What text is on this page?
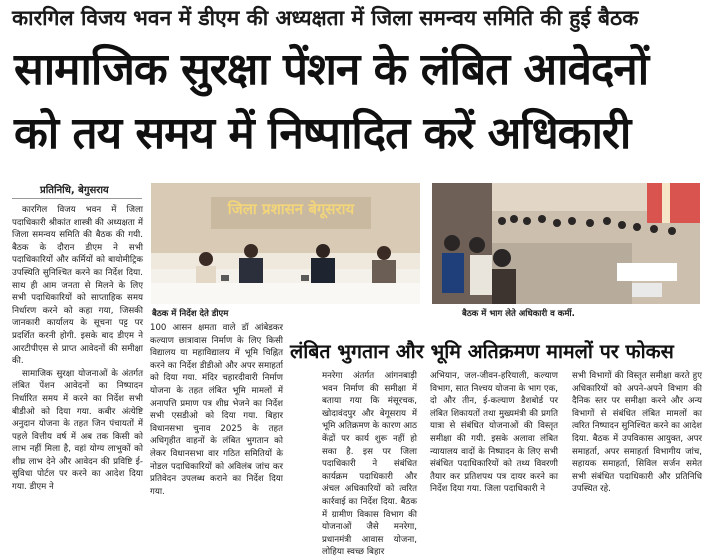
कारगिल विजय भवन में डीएम की अध्यक्षता में जिला समन्वय समिति की हुई बैठक
सामाजिक सुरक्षा पेंशन के लंबित आवेदनों
को तय समय में निष्पादित करें अधिकारी
प्रतिनिधि, बेगुसराय

कारगिल विजय भवन में जिला पदाधिकारी श्रीकांत शास्त्री की अध्यक्षता में जिला समन्वय समिति की बैठक की गयी. बैठक के दौरान डीएम ने सभी पदाधिकारियों और कर्मियों को बायोमीट्रिक उपस्थिति सुनिश्चित करने का निर्देश दिया. साथ ही आम जनता से मिलने के लिए सभी पदाधिकारियों को साप्ताहिक समय निर्धारण करने को कहा गया, जिसकी जानकारी कार्यालय के सूचना पट्ट पर प्रदर्शित करनी होगी. इसके बाद डीएम ने आरटीपीएस से प्राप्त आवेदनों की समीक्षा की.

सामाजिक सुरक्षा योजनाओं के अंतर्गत लंबित पेंशन आवेदनों का निष्पादन निर्धारित समय में करने का निर्देश सभी बीडीओ को दिया गया. कबीर अंत्येष्टि अनुदान योजना के तहत जिन पंचायतों में पहले वित्तीय वर्ष में अब तक किसी को लाभ नहीं मिला है, वहां योग्य लाभुकों को शीघ्र लाभ देने और आवेदन की प्रविष्टि ई-सुविधा पोर्टल पर करने का आदेश दिया गया. डीएम ने

जिला प्रशासन बेगूसराय
बैठक में निर्देश देते डीएम	बैठक में भाग लेते अधिकारी व कर्मी.

100 आसन क्षमता वाले डॉ आंबेडकर कल्याण छात्रावास निर्माण के लिए किसी विद्यालय या महाविद्यालय में भूमि चिह्नित करने का निर्देश डीडीओ और अपर समाहर्ता को दिया गया. मंदिर चहारदीवारी निर्माण योजना के तहत लंबित भूमि मामलों में अनापत्ति प्रमाण पत्र शीघ्र भेजने का निर्देश सभी एसडीओ को दिया गया. बिहार विधानसभा चुनाव 2025 के तहत अधिगृहीत वाहनों के लंबित भुगतान को लेकर विधानसभा वार गठित समितियों के नोडल पदाधिकारियों को अविलंब जांच कर प्रतिवेदन उपलब्ध कराने का निर्देश दिया गया.

लंबित भुगतान और भूमि अतिक्रमण मामलों पर फोकस

मनरेगा अंतर्गत आंगनबाड़ी भवन निर्माण की समीक्षा में बताया गया कि मंसूरचक, खोदावंदपुर और बेगूसराय में भूमि अतिक्रमण के कारण आठ केंद्रों पर कार्य शुरू नहीं हो सका है. इस पर जिला पदाधिकारी ने संबंधित कार्यक्रम पदाधिकारी और अंचल अधिकारियों को त्वरित कार्रवाई का निर्देश दिया. बैठक में ग्रामीण विकास विभाग की योजनाओं जैसे मनरेगा, प्रधानमंत्री आवास योजना, लोहिया स्वच्छ बिहार

अभियान, जल-जीवन-हरियाली, कल्याण विभाग, सात निश्चय योजना के भाग एक, दो और तीन, ई-कल्याण डैशबोर्ड पर लंबित शिकायतों तथा मुख्यमंत्री की प्रगति यात्रा से संबंधित योजनाओं की विस्तृत समीक्षा की गयी. इसके अलावा लंबित न्यायालय वादों के निष्पादन के लिए सभी संबंधित पदाधिकारियों को तथ्य विवरणी तैयार कर प्रतिशपथ पत्र दायर करने का निर्देश दिया गया. जिला पदाधिकारी ने

सभी विभागों की विस्तृत समीक्षा करते हुए अधिकारियों को अपने-अपने विभाग की दैनिक स्तर पर समीक्षा करने और अन्य विभागों से संबंधित लंबित मामलों का त्वरित निष्पादन सुनिश्चित करने का आदेश दिया. बैठक में उपविकास आयुक्त, अपर समाहर्ता, अपर समाहर्ता विभागीय जांच, सहायक समाहर्ता, सिविल सर्जन समेत सभी संबंधित पदाधिकारी और प्रतिनिधि उपस्थित रहे.
